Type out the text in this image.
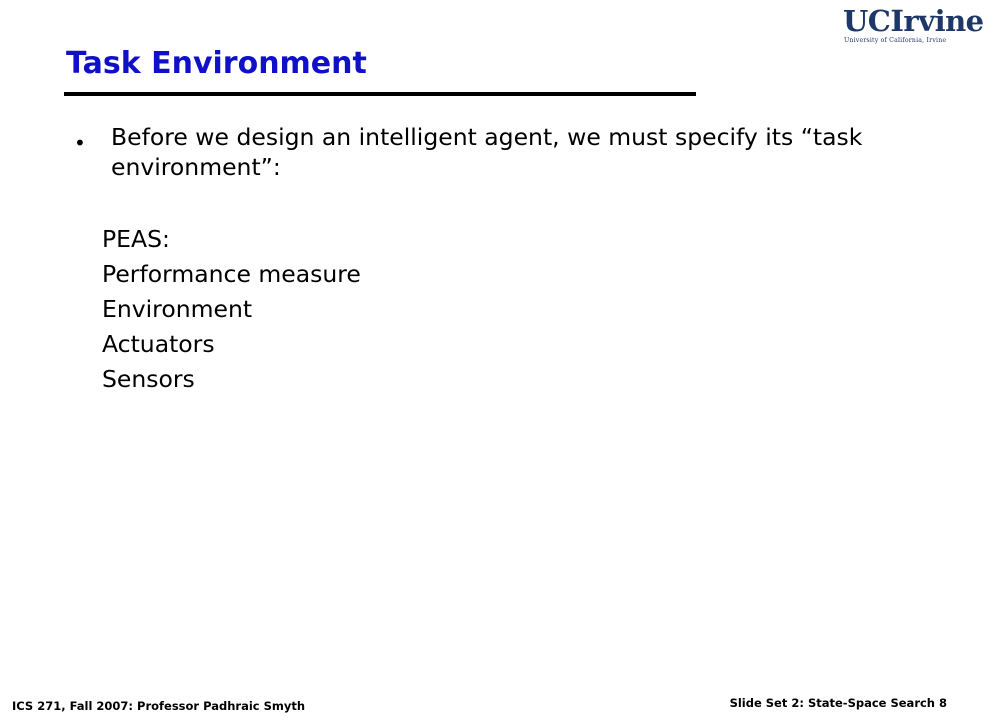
UCIrvine
University of California, Irvine
Task Environment
• Before we design an intelligent agent, we must specify its “task environment”:
PEAS:
Performance measure
Environment
Actuators
Sensors
ICS 271, Fall 2007: Professor Padhraic Smyth	Slide Set 2: State-Space Search 8
